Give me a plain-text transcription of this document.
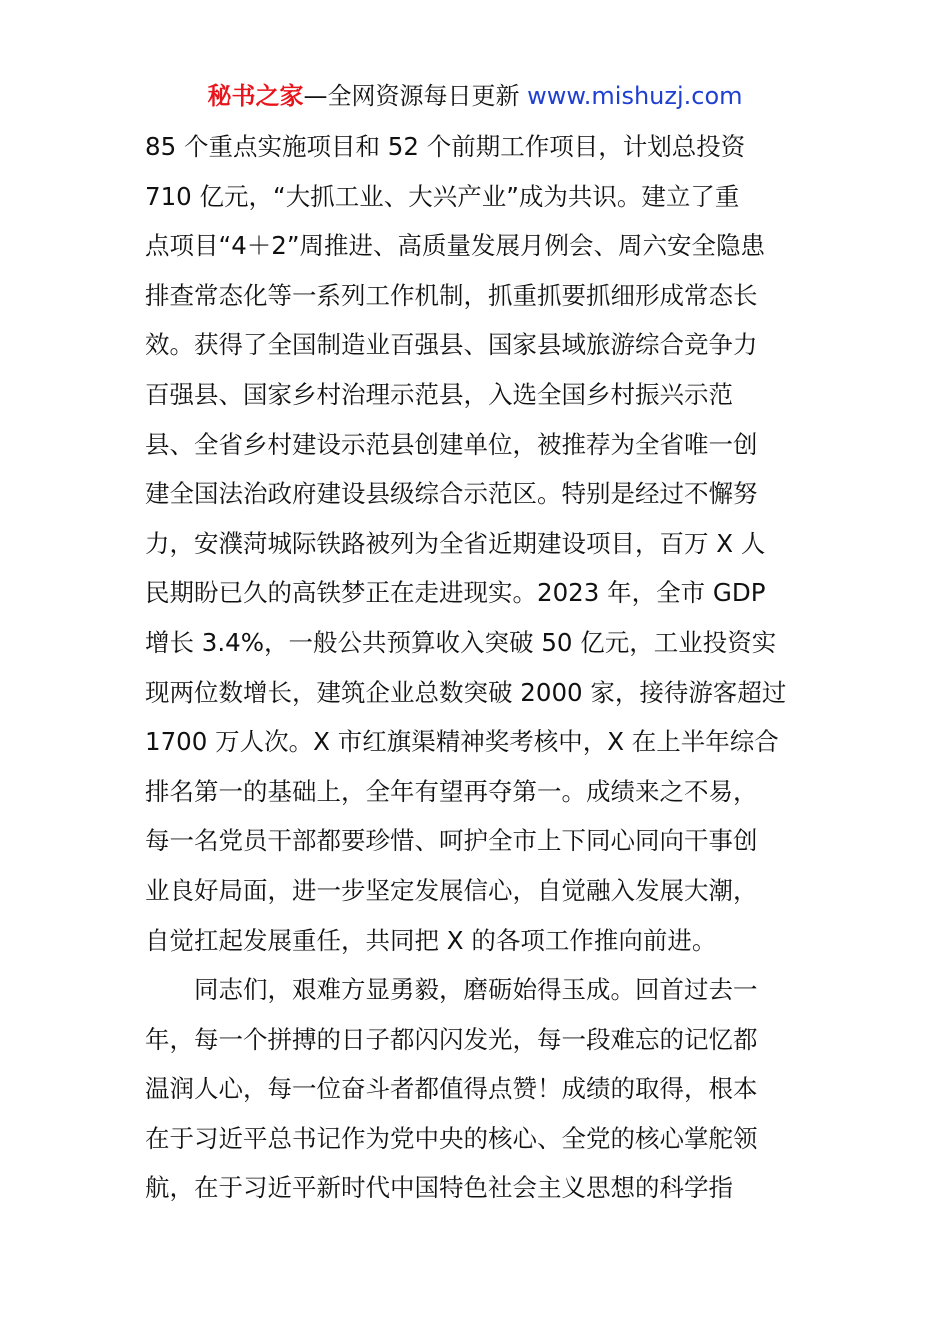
秘书之家—全网资源每日更新 www.mishuzj.com
85 个重点实施项目和 52 个前期工作项目，计划总投资
710 亿元，“大抓工业、大兴产业”成为共识。建立了重
点项目“4＋2”周推进、高质量发展月例会、周六安全隐患
排查常态化等一系列工作机制，抓重抓要抓细形成常态长
效。获得了全国制造业百强县、国家县域旅游综合竞争力
百强县、国家乡村治理示范县，入选全国乡村振兴示范
县、全省乡村建设示范县创建单位，被推荐为全省唯一创
建全国法治政府建设县级综合示范区。特别是经过不懈努
力，安濮菏城际铁路被列为全省近期建设项目，百万 X 人
民期盼已久的高铁梦正在走进现实。2023 年，全市 GDP
增长 3.4%，一般公共预算收入突破 50 亿元，工业投资实
现两位数增长，建筑企业总数突破 2000 家，接待游客超过
1700 万人次。X 市红旗渠精神奖考核中，X 在上半年综合
排名第一的基础上，全年有望再夺第一。成绩来之不易，
每一名党员干部都要珍惜、呵护全市上下同心同向干事创
业良好局面，进一步坚定发展信心，自觉融入发展大潮，
自觉扛起发展重任，共同把 X 的各项工作推向前进。
同志们，艰难方显勇毅，磨砺始得玉成。回首过去一
年，每一个拼搏的日子都闪闪发光，每一段难忘的记忆都
温润人心，每一位奋斗者都值得点赞！成绩的取得，根本
在于习近平总书记作为党中央的核心、全党的核心掌舵领
航，在于习近平新时代中国特色社会主义思想的科学指
